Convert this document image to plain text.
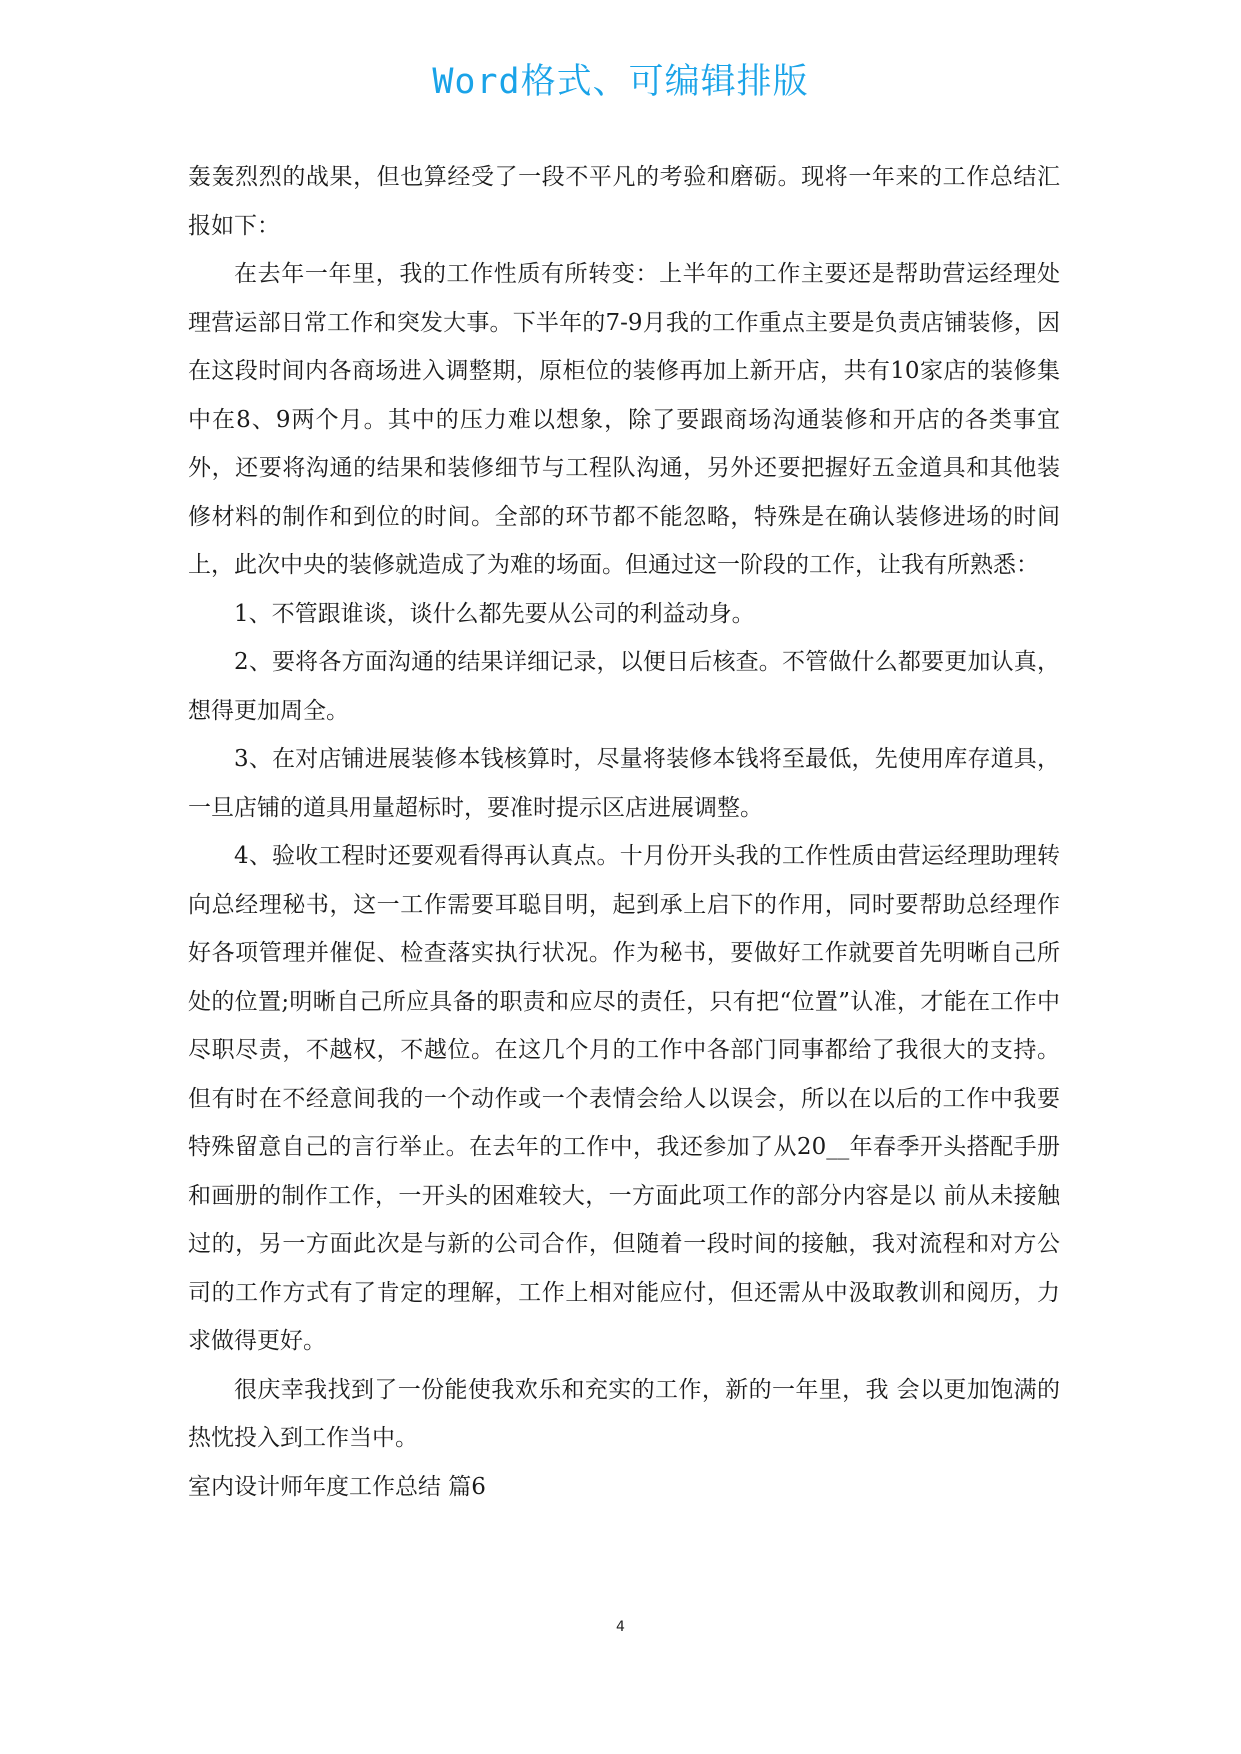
Word格式、可编辑排版

轰轰烈烈的战果，但也算经受了一段不平凡的考验和磨砺。现将一年来的工作总结汇报如下：

在去年一年里，我的工作性质有所转变：上半年的工作主要还是帮助营运经理处理营运部日常工作和突发大事。下半年的7-9月我的工作重点主要是负责店铺装修，因在这段时间内各商场进入调整期，原柜位的装修再加上新开店，共有10家店的装修集中在8、9两个月。其中的压力难以想象，除了要跟商场沟通装修和开店的各类事宜外，还要将沟通的结果和装修细节与工程队沟通，另外还要把握好五金道具和其他装修材料的制作和到位的时间。全部的环节都不能忽略，特殊是在确认装修进场的时间上，此次中央的装修就造成了为难的场面。但通过这一阶段的工作，让我有所熟悉：

1、不管跟谁谈，谈什么都先要从公司的利益动身。

2、要将各方面沟通的结果详细记录，以便日后核查。不管做什么都要更加认真，想得更加周全。

3、在对店铺进展装修本钱核算时，尽量将装修本钱将至最低，先使用库存道具，一旦店铺的道具用量超标时，要准时提示区店进展调整。

4、验收工程时还要观看得再认真点。十月份开头我的工作性质由营运经理助理转向总经理秘书，这一工作需要耳聪目明，起到承上启下的作用，同时要帮助总经理作好各项管理并催促、检查落实执行状况。作为秘书，要做好工作就要首先明晰自己所处的位置;明晰自己所应具备的职责和应尽的责任，只有把“位置”认准，才能在工作中尽职尽责，不越权，不越位。在这几个月的工作中各部门同事都给了我很大的支持。但有时在不经意间我的一个动作或一个表情会给人以误会，所以在以后的工作中我要特殊留意自己的言行举止。在去年的工作中，我还参加了从20__年春季开头搭配手册和画册的制作工作，一开头的困难较大，一方面此项工作的部分内容是以 前从未接触过的，另一方面此次是与新的公司合作，但随着一段时间的接触，我对流程和对方公司的工作方式有了肯定的理解，工作上相对能应付，但还需从中汲取教训和阅历，力求做得更好。

很庆幸我找到了一份能使我欢乐和充实的工作，新的一年里，我 会以更加饱满的热忱投入到工作当中。

室内设计师年度工作总结 篇6

4
